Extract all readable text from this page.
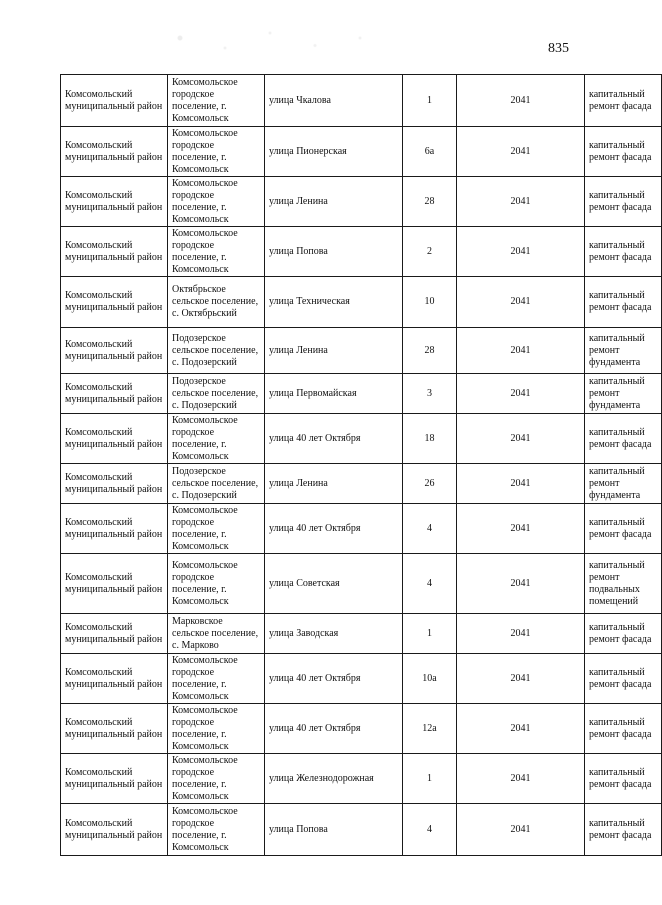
835
Комсомольский муниципальный район	Комсомольское городское поселение, г. Комсомольск	улица Чкалова	1	2041	капитальный ремонт фасада
Комсомольский муниципальный район	Комсомольское городское поселение, г. Комсомольск	улица Пионерская	6а	2041	капитальный ремонт фасада
Комсомольский муниципальный район	Комсомольское городское поселение, г. Комсомольск	улица Ленина	28	2041	капитальный ремонт фасада
Комсомольский муниципальный район	Комсомольское городское поселение, г. Комсомольск	улица Попова	2	2041	капитальный ремонт фасада
Комсомольский муниципальный район	Октябрьское сельское поселение, с. Октябрьский	улица Техническая	10	2041	капитальный ремонт фасада
Комсомольский муниципальный район	Подозерское сельское поселение, с. Подозерский	улица Ленина	28	2041	капитальный ремонт фундамента
Комсомольский муниципальный район	Подозерское сельское поселение, с. Подозерский	улица Первомайская	3	2041	капитальный ремонт фундамента
Комсомольский муниципальный район	Комсомольское городское поселение, г. Комсомольск	улица 40 лет Октября	18	2041	капитальный ремонт фасада
Комсомольский муниципальный район	Подозерское сельское поселение, с. Подозерский	улица Ленина	26	2041	капитальный ремонт фундамента
Комсомольский муниципальный район	Комсомольское городское поселение, г. Комсомольск	улица 40 лет Октября	4	2041	капитальный ремонт фасада
Комсомольский муниципальный район	Комсомольское городское поселение, г. Комсомольск	улица Советская	4	2041	капитальный ремонт подвальных помещений
Комсомольский муниципальный район	Марковское сельское поселение, с. Марково	улица Заводская	1	2041	капитальный ремонт фасада
Комсомольский муниципальный район	Комсомольское городское поселение, г. Комсомольск	улица 40 лет Октября	10а	2041	капитальный ремонт фасада
Комсомольский муниципальный район	Комсомольское городское поселение, г. Комсомольск	улица 40 лет Октября	12а	2041	капитальный ремонт фасада
Комсомольский муниципальный район	Комсомольское городское поселение, г. Комсомольск	улица Железнодорожная	1	2041	капитальный ремонт фасада
Комсомольский муниципальный район	Комсомольское городское поселение, г. Комсомольск	улица Попова	4	2041	капитальный ремонт фасада
